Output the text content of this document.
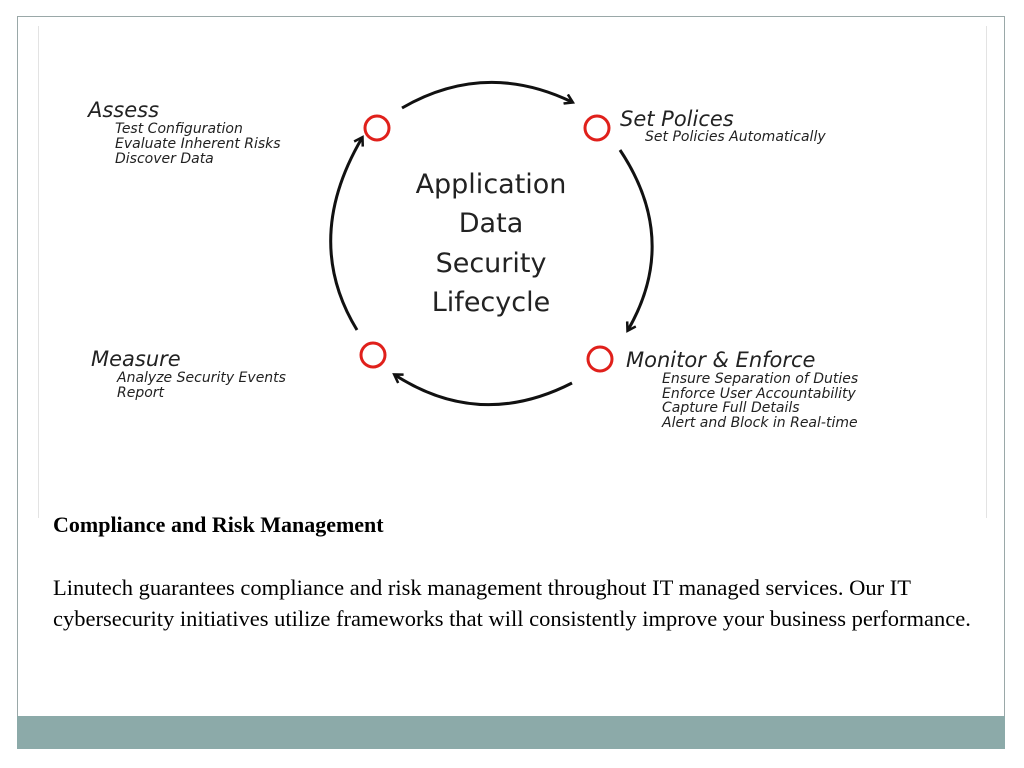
Application
Data
Security
Lifecycle
Assess
Test Configuration
Evaluate Inherent Risks
Discover Data
Set Polices
Set Policies Automatically
Monitor & Enforce
Ensure Separation of Duties
Enforce User Accountability
Capture Full Details
Alert and Block in Real-time
Measure
Analyze Security Events
Report

Compliance and Risk Management

Linutech guarantees compliance and risk management throughout IT managed services. Our IT cybersecurity initiatives utilize frameworks that will consistently improve your business performance.
